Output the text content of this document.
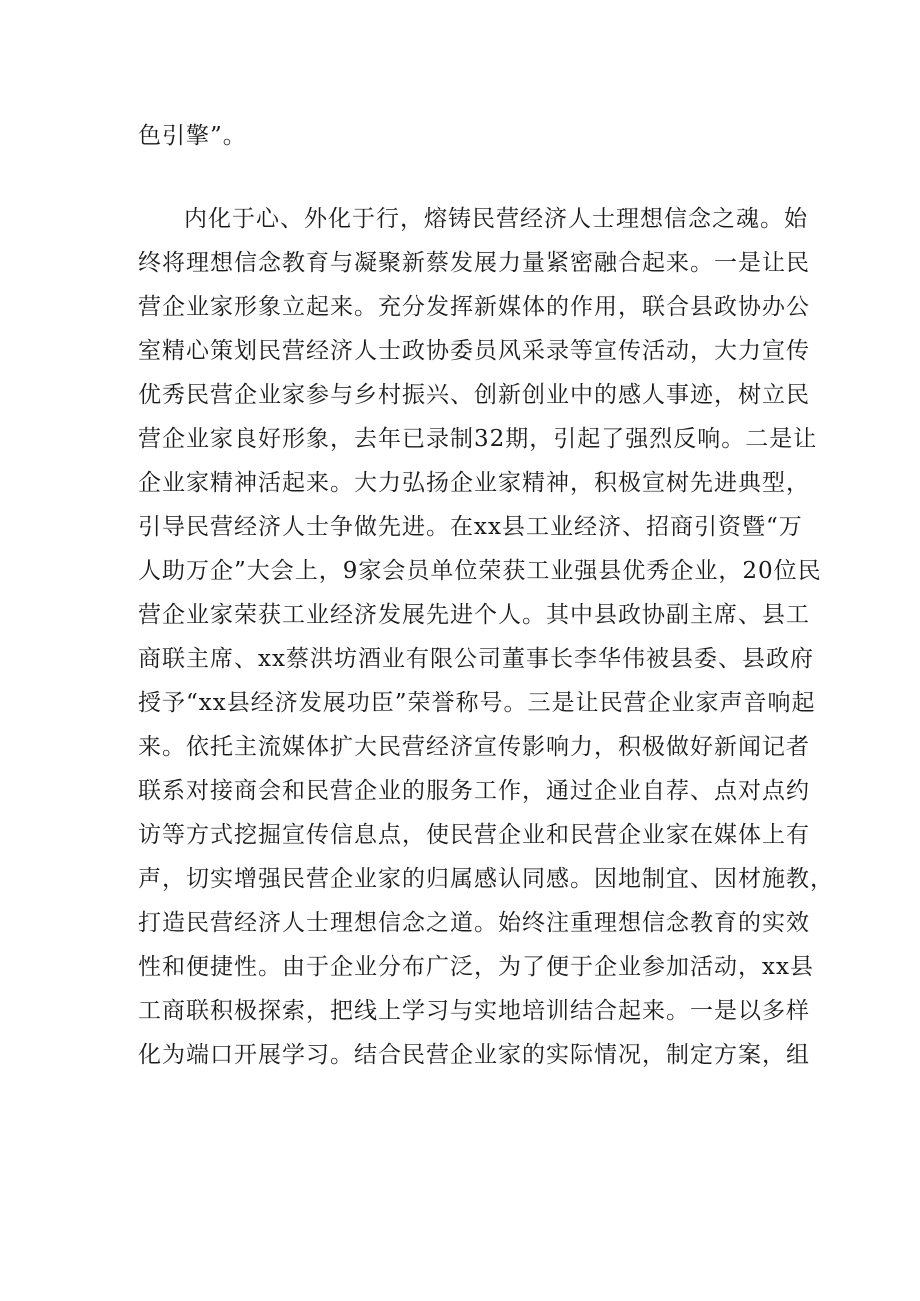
色引擎”。
内化于心、外化于行，熔铸民营经济人士理想信念之魂。始
终将理想信念教育与凝聚新蔡发展力量紧密融合起来。一是让民
营企业家形象立起来。充分发挥新媒体的作用，联合县政协办公
室精心策划民营经济人士政协委员风采录等宣传活动，大力宣传
优秀民营企业家参与乡村振兴、创新创业中的感人事迹，树立民
营企业家良好形象，去年已录制32期，引起了强烈反响。二是让
企业家精神活起来。大力弘扬企业家精神，积极宣树先进典型，
引导民营经济人士争做先进。在xx县工业经济、招商引资暨“万
人助万企”大会上，9家会员单位荣获工业强县优秀企业，20位民
营企业家荣获工业经济发展先进个人。其中县政协副主席、县工
商联主席、xx蔡洪坊酒业有限公司董事长李华伟被县委、县政府
授予“xx县经济发展功臣”荣誉称号。三是让民营企业家声音响起
来。依托主流媒体扩大民营经济宣传影响力，积极做好新闻记者
联系对接商会和民营企业的服务工作，通过企业自荐、点对点约
访等方式挖掘宣传信息点，使民营企业和民营企业家在媒体上有
声，切实增强民营企业家的归属感认同感。因地制宜、因材施教，
打造民营经济人士理想信念之道。始终注重理想信念教育的实效
性和便捷性。由于企业分布广泛，为了便于企业参加活动，xx县
工商联积极探索，把线上学习与实地培训结合起来。一是以多样
化为端口开展学习。结合民营企业家的实际情况，制定方案，组
